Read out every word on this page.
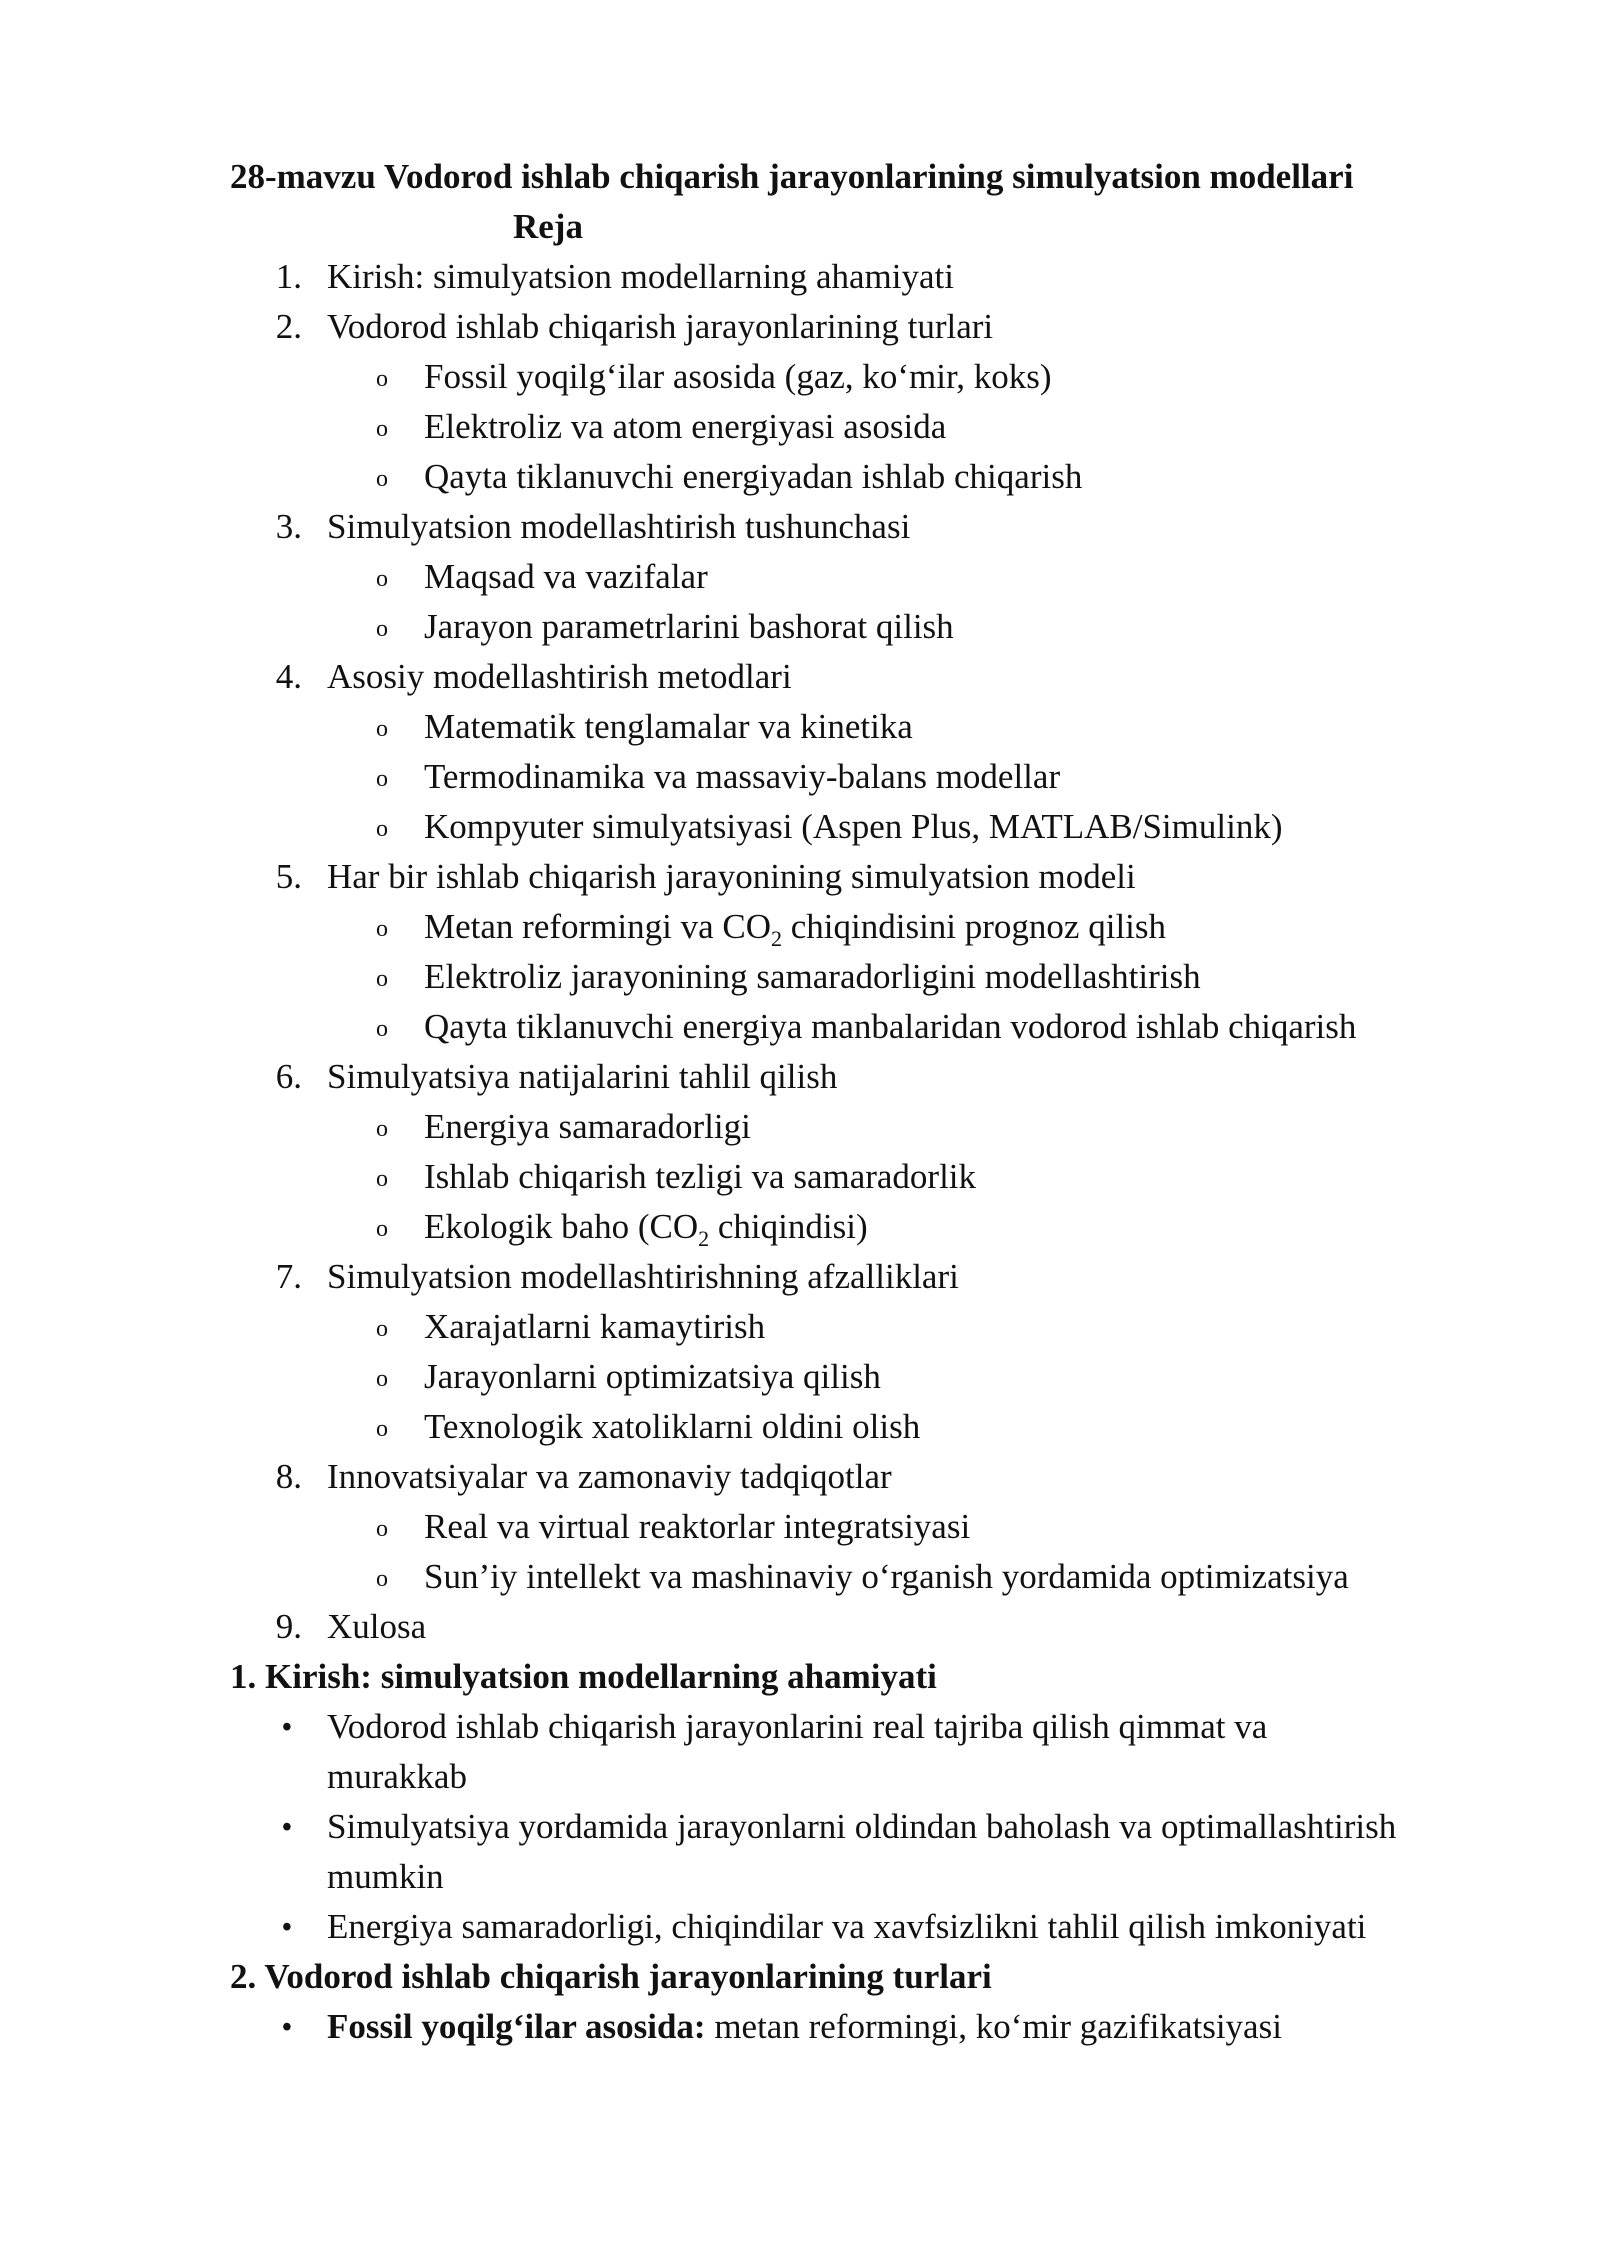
28-mavzu Vodorod ishlab chiqarish jarayonlarining simulyatsion modellari
Reja
1. Kirish: simulyatsion modellarning ahamiyati
2. Vodorod ishlab chiqarish jarayonlarining turlari
o Fossil yoqilg‘ilar asosida (gaz, ko‘mir, koks)
o Elektroliz va atom energiyasi asosida
o Qayta tiklanuvchi energiyadan ishlab chiqarish
3. Simulyatsion modellashtirish tushunchasi
o Maqsad va vazifalar
o Jarayon parametrlarini bashorat qilish
4. Asosiy modellashtirish metodlari
o Matematik tenglamalar va kinetika
o Termodinamika va massaviy-balans modellar
o Kompyuter simulyatsiyasi (Aspen Plus, MATLAB/Simulink)
5. Har bir ishlab chiqarish jarayonining simulyatsion modeli
o Metan reformingi va $CO_2$ chiqindisini prognoz qilish
o Elektroliz jarayonining samaradorligini modellashtirish
o Qayta tiklanuvchi energiya manbalaridan vodorod ishlab chiqarish
6. Simulyatsiya natijalarini tahlil qilish
o Energiya samaradorligi
o Ishlab chiqarish tezligi va samaradorlik
o Ekologik baho ($CO_2$ chiqindisi)
7. Simulyatsion modellashtirishning afzalliklari
o Xarajatlarni kamaytirish
o Jarayonlarni optimizatsiya qilish
o Texnologik xatoliklarni oldini olish
8. Innovatsiyalar va zamonaviy tadqiqotlar
o Real va virtual reaktorlar integratsiyasi
o Sun’iy intellekt va mashinaviy o‘rganish yordamida optimizatsiya
9. Xulosa
1. Kirish: simulyatsion modellarning ahamiyati
• Vodorod ishlab chiqarish jarayonlarini real tajriba qilish qimmat va
murakkab
• Simulyatsiya yordamida jarayonlarni oldindan baholash va optimallashtirish
mumkin
• Energiya samaradorligi, chiqindilar va xavfsizlikni tahlil qilish imkoniyati
2. Vodorod ishlab chiqarish jarayonlarining turlari
• Fossil yoqilg‘ilar asosida: metan reformingi, ko‘mir gazifikatsiyasi
